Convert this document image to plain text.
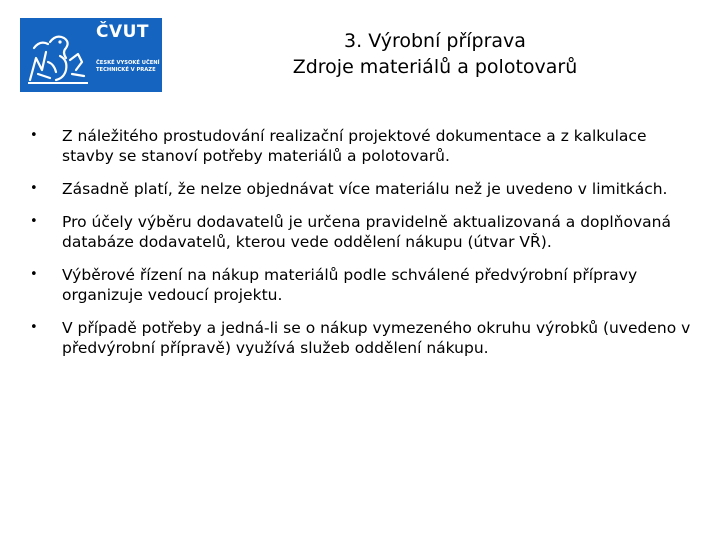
ČVUT
ČESKÉ VYSOKÉ UČENÍ TECHNICKÉ V PRAZE
3. Výrobní příprava
Zdroje materiálů a polotovarů
• Z náležitého prostudování realizační projektové dokumentace a z kalkulace stavby se stanoví potřeby materiálů a polotovarů.
• Zásadně platí, že nelze objednávat více materiálu než je uvedeno v limitkách.
• Pro účely výběru dodavatelů je určena pravidelně aktualizovaná a doplňovaná databáze dodavatelů, kterou vede oddělení nákupu (útvar VŘ).
• Výběrové řízení na nákup materiálů podle schválené předvýrobní přípravy organizuje vedoucí projektu.
• V případě potřeby a jedná-li se o nákup vymezeného okruhu výrobků (uvedeno v předvýrobní přípravě) využívá služeb oddělení nákupu.
